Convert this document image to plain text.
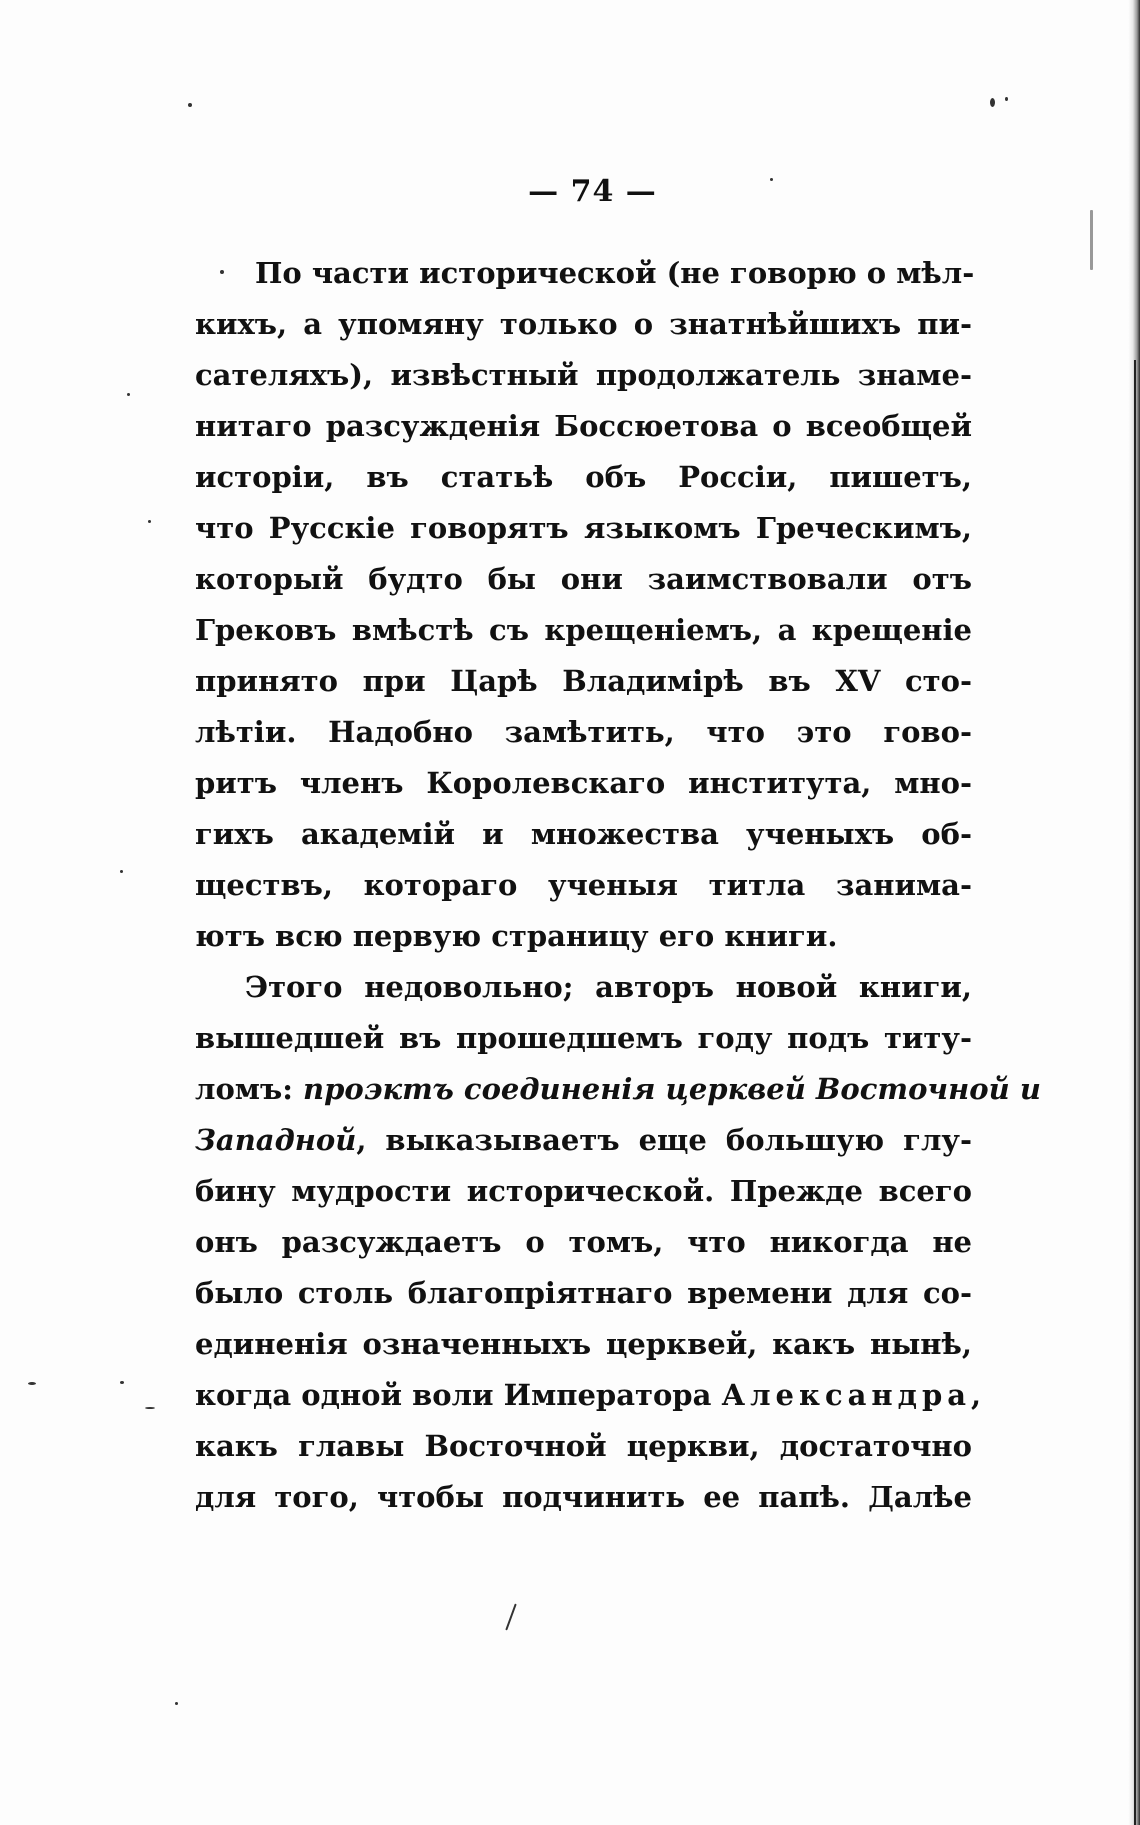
— 74 —
По части исторической (не говорю о мѣл-
кихъ, а упомяну только о знатнѣйшихъ пи-
сателяхъ), извѣстный продолжатель знаме-
нитаго разсужденія Боссюетова о всеобщей
исторіи, въ статьѣ объ Россіи, пишетъ,
что Русскіе говорятъ языкомъ Греческимъ,
который будто бы они заимствовали отъ
Грековъ вмѣстѣ съ крещеніемъ, а крещеніе
принято при Царѣ Владимірѣ въ XV сто-
лѣтіи. Надобно замѣтить, что это гово-
ритъ членъ Королевскаго института, мно-
гихъ академій и множества ученыхъ об-
ществъ, котораго ученыя титла занима-
ютъ всю первую страницу его книги.
Этого недовольно; авторъ новой книги,
вышедшей въ прошедшемъ году подъ титу-
ломъ: проэктъ соединенія церквей Восточной и
Западной, выказываетъ еще большую глу-
бину мудрости исторической. Прежде всего
онъ разсуждаетъ о томъ, что никогда не
было столь благопріятнаго времени для со-
единенія означенныхъ церквей, какъ нынѣ,
когда одной воли Императора Александра,
какъ главы Восточной церкви, достаточно
для того, чтобы подчинить ее папѣ. Далѣе
